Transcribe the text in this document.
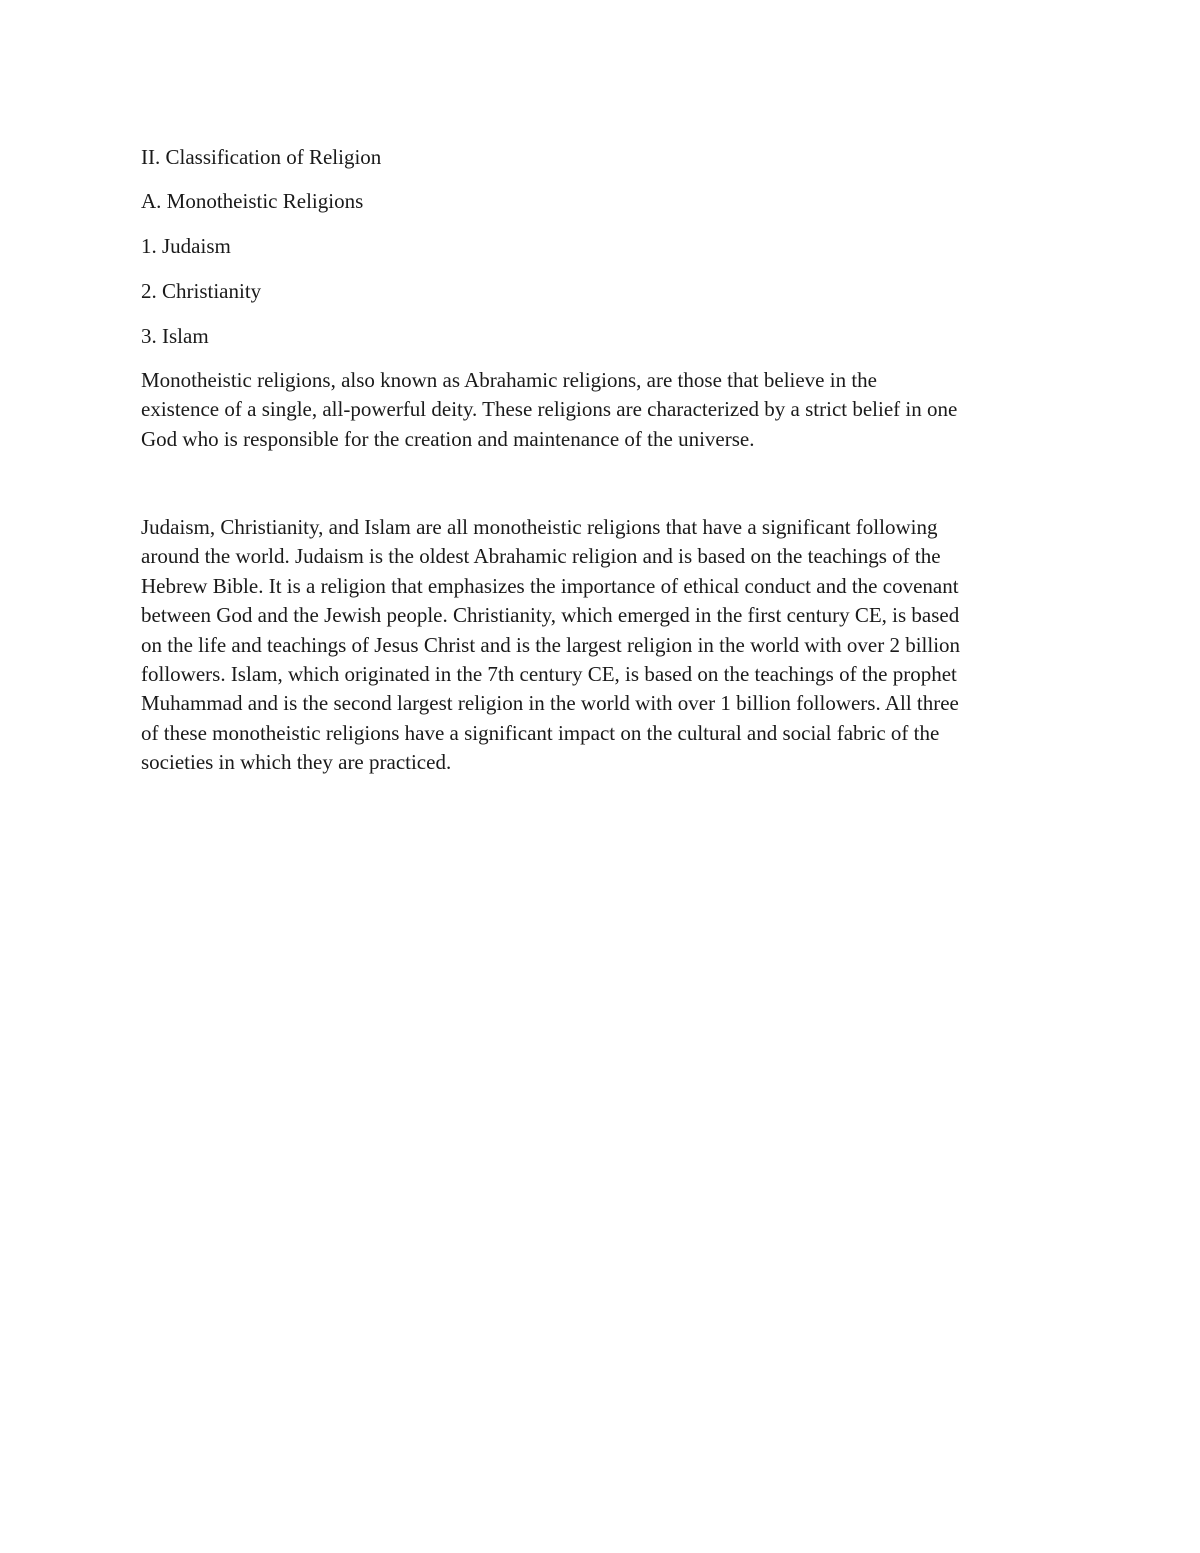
II. Classification of Religion
A. Monotheistic Religions
1. Judaism
2. Christianity
3. Islam
Monotheistic religions, also known as Abrahamic religions, are those that believe in the
existence of a single, all-powerful deity. These religions are characterized by a strict belief in one
God who is responsible for the creation and maintenance of the universe.
Judaism, Christianity, and Islam are all monotheistic religions that have a significant following
around the world. Judaism is the oldest Abrahamic religion and is based on the teachings of the
Hebrew Bible. It is a religion that emphasizes the importance of ethical conduct and the covenant
between God and the Jewish people. Christianity, which emerged in the first century CE, is based
on the life and teachings of Jesus Christ and is the largest religion in the world with over 2 billion
followers. Islam, which originated in the 7th century CE, is based on the teachings of the prophet
Muhammad and is the second largest religion in the world with over 1 billion followers. All three
of these monotheistic religions have a significant impact on the cultural and social fabric of the
societies in which they are practiced.
